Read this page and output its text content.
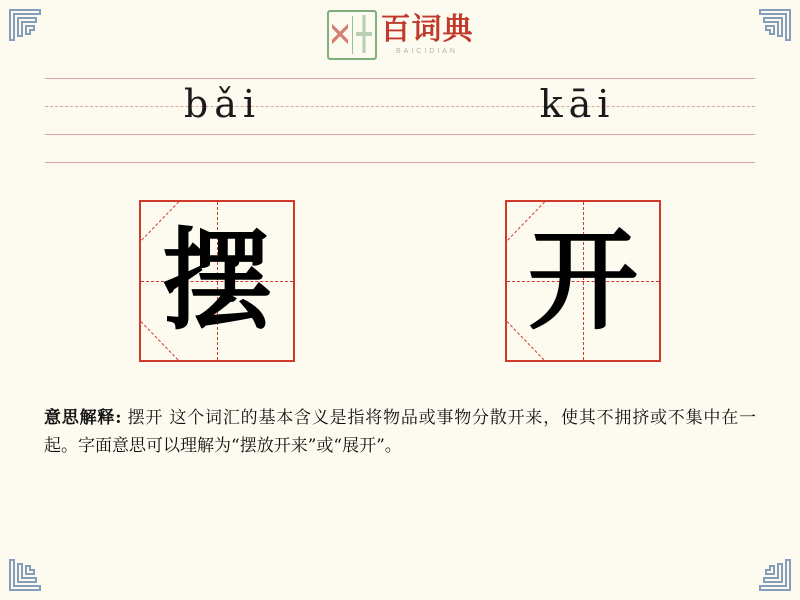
百词典
BAICIDIAN
bǎi	kāi
摆 开
意思解释: 摆开 这个词汇的基本含义是指将物品或事物分散开来，使其不拥挤或不集中在一起。字面意思可以理解为“摆放开来”或“展开”。
